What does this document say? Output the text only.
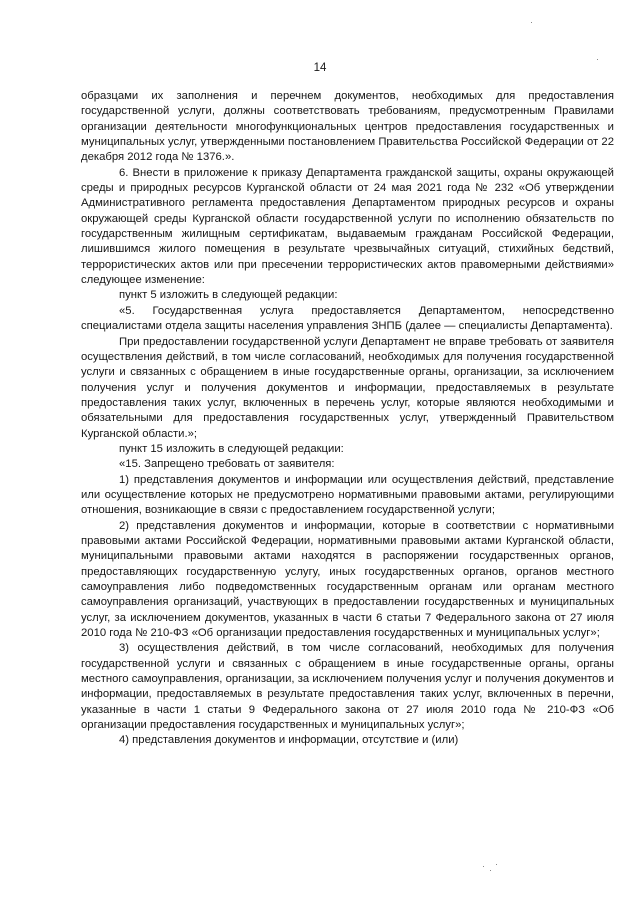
14

образцами их заполнения и перечнем документов, необходимых для предоставления государственной услуги, должны соответствовать требованиям, предусмотренным Правилами организации деятельности многофункциональных центров предоставления государственных и муниципальных услуг, утвержденными постановлением Правительства Российской Федерации от 22 декабря 2012 года № 1376.».

6. Внести в приложение к приказу Департамента гражданской защиты, охраны окружающей среды и природных ресурсов Курганской области от 24 мая 2021 года № 232 «Об утверждении Административного регламента предоставления Департаментом природных ресурсов и охраны окружающей среды Курганской области государственной услуги по исполнению обязательств по государственным жилищным сертификатам, выдаваемым гражданам Российской Федерации, лишившимся жилого помещения в результате чрезвычайных ситуаций, стихийных бедствий, террористических актов или при пресечении террористических актов правомерными действиями» следующее изменение:

пункт 5 изложить в следующей редакции:

«5. Государственная услуга предоставляется Департаментом, непосредственно специалистами отдела защиты населения управления ЗНПБ (далее — специалисты Департамента).

При предоставлении государственной услуги Департамент не вправе требовать от заявителя осуществления действий, в том числе согласований, необходимых для получения государственной услуги и связанных с обращением в иные государственные органы, организации, за исключением получения услуг и получения документов и информации, предоставляемых в результате предоставления таких услуг, включенных в перечень услуг, которые являются необходимыми и обязательными для предоставления государственных услуг, утвержденный Правительством Курганской области.»;

пункт 15 изложить в следующей редакции:

«15. Запрещено требовать от заявителя:

1) представления документов и информации или осуществления действий, представление или осуществление которых не предусмотрено нормативными правовыми актами, регулирующими отношения, возникающие в связи с предоставлением государственной услуги;

2) представления документов и информации, которые в соответствии с нормативными правовыми актами Российской Федерации, нормативными правовыми актами Курганской области, муниципальными правовыми актами находятся в распоряжении государственных органов, предоставляющих государственную услугу, иных государственных органов, органов местного самоуправления либо подведомственных государственным органам или органам местного самоуправления организаций, участвующих в предоставлении государственных и муниципальных услуг, за исключением документов, указанных в части 6 статьи 7 Федерального закона от 27 июля 2010 года № 210-ФЗ «Об организации предоставления государственных и муниципальных услуг»;

3) осуществления действий, в том числе согласований, необходимых для получения государственной услуги и связанных с обращением в иные государственные органы, органы местного самоуправления, организации, за исключением получения услуг и получения документов и информации, предоставляемых в результате предоставления таких услуг, включенных в перечни, указанные в части 1 статьи 9 Федерального закона от 27 июля 2010 года № 210-ФЗ «Об организации предоставления государственных и муниципальных услуг»;

4) представления документов и информации, отсутствие и (или)
